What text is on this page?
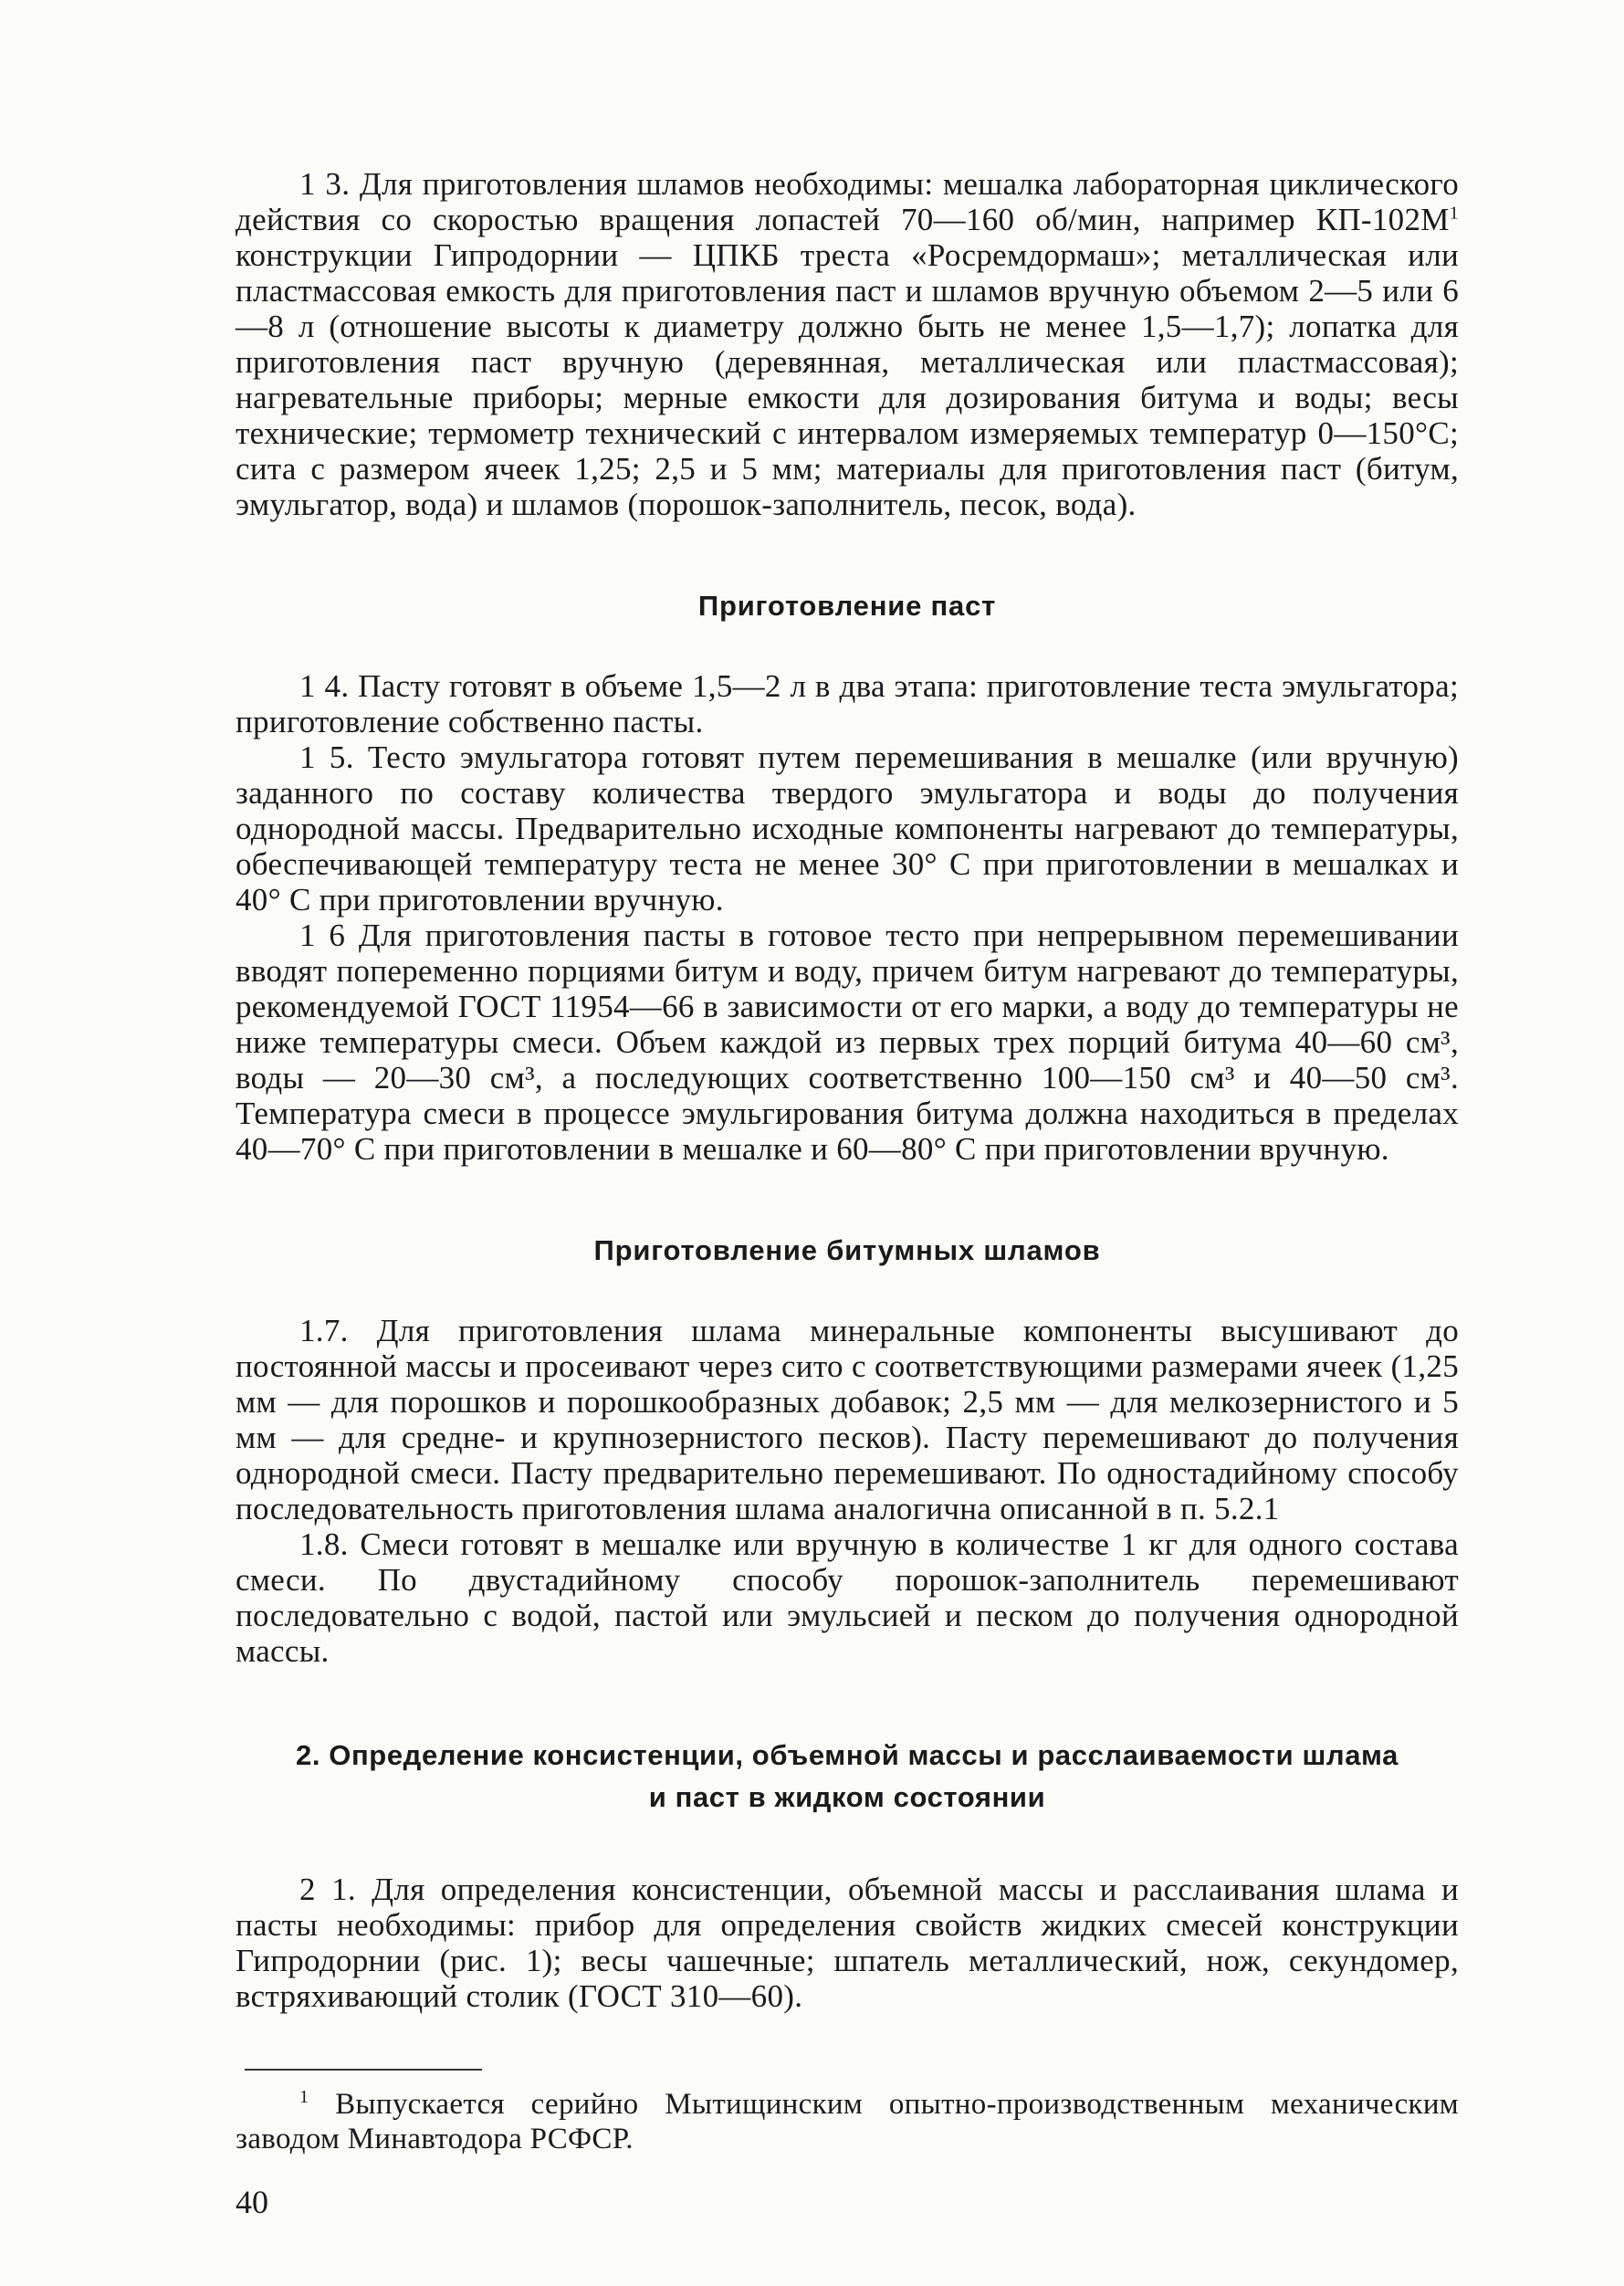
1 3. Для приготовления шламов необходимы: мешалка лабораторная циклического действия со скоростью вращения лопастей 70—160 об/мин, например $КП-102М^1$ конструкции Гипродорнии — ЦПКБ треста «Росремдормаш»; металлическая или пластмассовая емкость для приготовления паст и шламов вручную объемом 2—5 или 6—8 л (отношение высоты к диаметру должно быть не менее 1,5—1,7); лопатка для приготовления паст вручную (деревянная, металлическая или пластмассовая); нагревательные приборы; мерные емкости для дозирования битума и воды; весы технические; термометр технический с интервалом измеряемых температур 0—150°С; сита с размером ячеек 1,25; 2,5 и 5 мм; материалы для приготовления паст (битум, эмульгатор, вода) и шламов (порошок-заполнитель, песок, вода).

Приготовление паст

1 4. Пасту готовят в объеме 1,5—2 л в два этапа: приготовление теста эмульгатора; приготовление собственно пасты.

1 5. Тесто эмульгатора готовят путем перемешивания в мешалке (или вручную) заданного по составу количества твердого эмульгатора и воды до получения однородной массы. Предварительно исходные компоненты нагревают до температуры, обеспечивающей температуру теста не менее 30° С при приготовлении в мешалках и 40° С при приготовлении вручную.

1 6 Для приготовления пасты в готовое тесто при непрерывном перемешивании вводят попеременно порциями битум и воду, причем битум нагревают до температуры, рекомендуемой ГОСТ 11954—66 в зависимости от его марки, а воду до температуры не ниже температуры смеси. Объем каждой из первых трех порций битума 40—60 см³, воды — 20—30 см³, а последующих соответственно 100—150 см³ и 40—50 см³. Температура смеси в процессе эмульгирования битума должна находиться в пределах 40—70° С при приготовлении в мешалке и 60—80° С при приготовлении вручную.

Приготовление битумных шламов

1.7. Для приготовления шлама минеральные компоненты высушивают до постоянной массы и просеивают через сито с соответствующими размерами ячеек (1,25 мм — для порошков и порошкообразных добавок; 2,5 мм — для мелкозернистого и 5 мм — для средне- и крупнозернистого песков). Пасту перемешивают до получения однородной смеси. Пасту предварительно перемешивают. По одностадийному способу последовательность приготовления шлама аналогична описанной в п. 5.2.1

1.8. Смеси готовят в мешалке или вручную в количестве 1 кг для одного состава смеси. По двустадийному способу порошок-заполнитель перемешивают последовательно с водой, пастой или эмульсией и песком до получения однородной массы.

2. Определение консистенции, объемной массы и расслаиваемости шлама
и паст в жидком состоянии

2 1. Для определения консистенции, объемной массы и расслаивания шлама и пасты необходимы: прибор для определения свойств жидких смесей конструкции Гипродорнии (рис. 1); весы чашечные; шпатель металлический, нож, секундомер, встряхивающий столик (ГОСТ 310—60).

$^1$ Выпускается серийно Мытищинским опытно-производственным механическим заводом Минавтодора РСФСР.

40
